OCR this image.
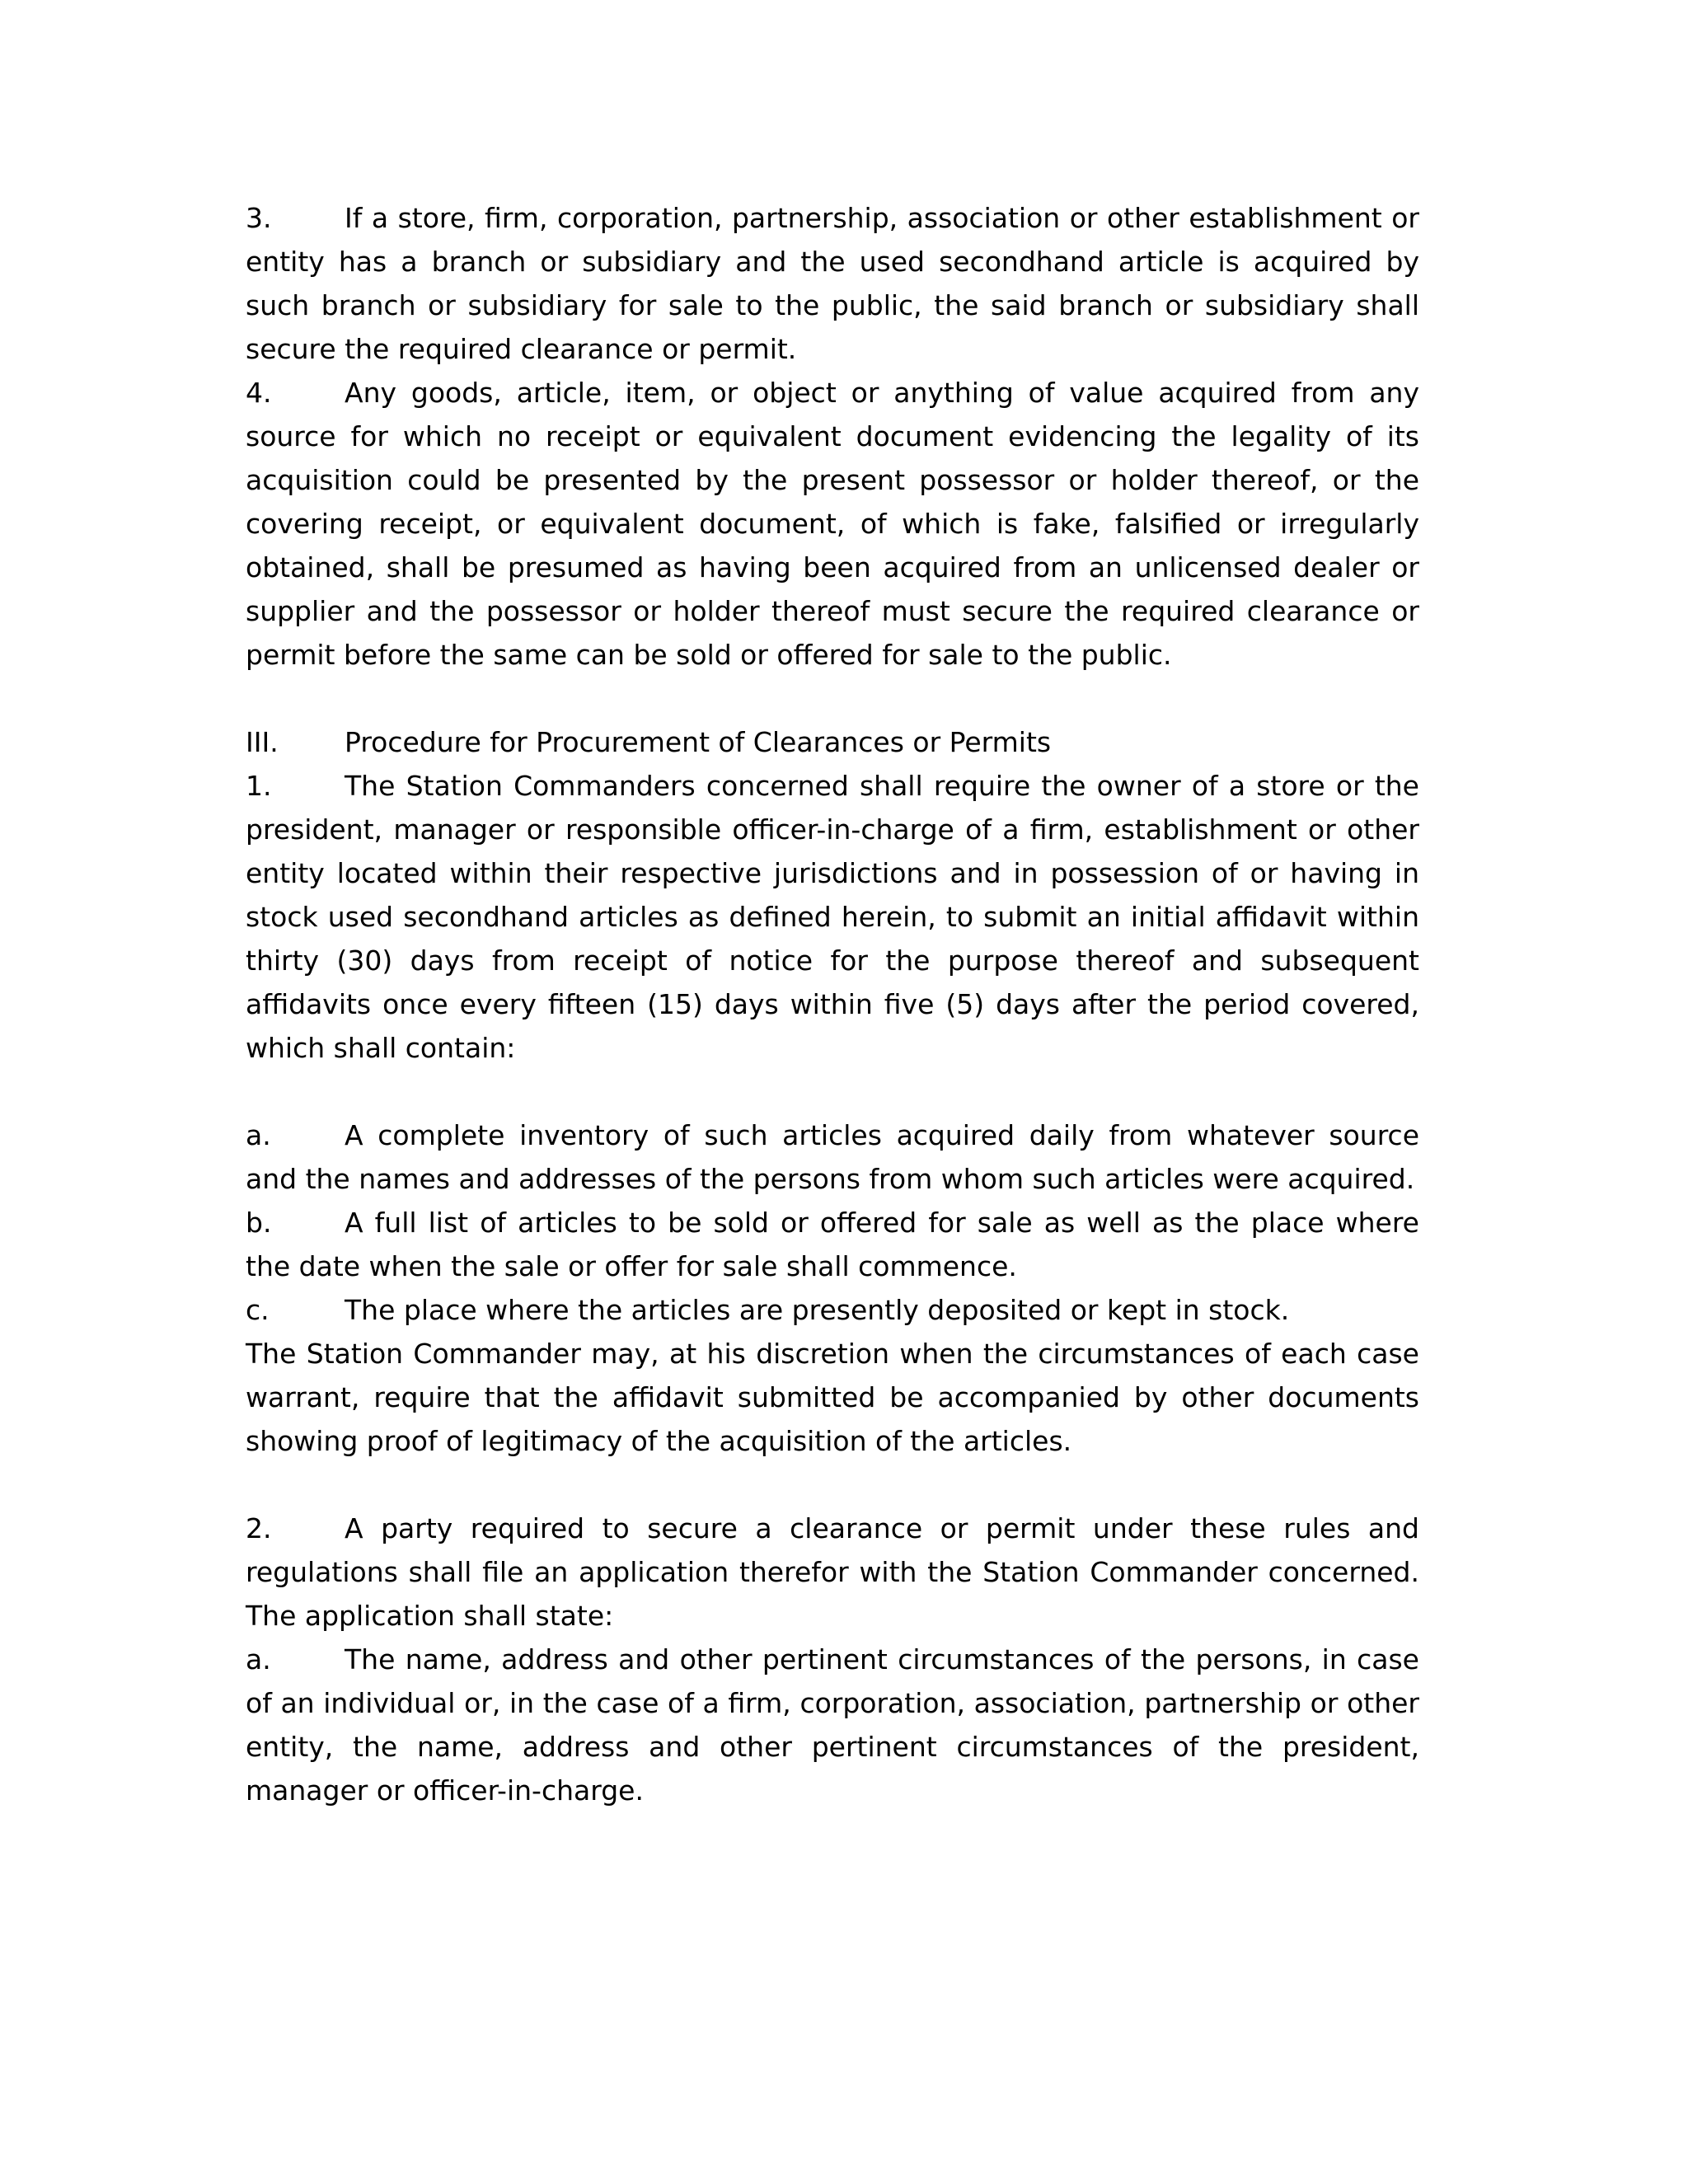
3.	If a store, firm, corporation, partnership, association or other establishment or entity has a branch or subsidiary and the used secondhand article is acquired by such branch or subsidiary for sale to the public, the said branch or subsidiary shall secure the required clearance or permit.

4.	Any goods, article, item, or object or anything of value acquired from any source for which no receipt or equivalent document evidencing the legality of its acquisition could be presented by the present possessor or holder thereof, or the covering receipt, or equivalent document, of which is fake, falsified or irregularly obtained, shall be presumed as having been acquired from an unlicensed dealer or supplier and the possessor or holder thereof must secure the required clearance or permit before the same can be sold or offered for sale to the public.

III. Procedure for Procurement of Clearances or Permits

1.	The Station Commanders concerned shall require the owner of a store or the president, manager or responsible officer-in-charge of a firm, establishment or other entity located within their respective jurisdictions and in possession of or having in stock used secondhand articles as defined herein, to submit an initial affidavit within thirty (30) days from receipt of notice for the purpose thereof and subsequent affidavits once every fifteen (15) days within five (5) days after the period covered, which shall contain:

a.	A complete inventory of such articles acquired daily from whatever source and the names and addresses of the persons from whom such articles were acquired.

b.	A full list of articles to be sold or offered for sale as well as the place where the date when the sale or offer for sale shall commence.

c.	The place where the articles are presently deposited or kept in stock.

The Station Commander may, at his discretion when the circumstances of each case warrant, require that the affidavit submitted be accompanied by other documents showing proof of legitimacy of the acquisition of the articles.

2.	A party required to secure a clearance or permit under these rules and regulations shall file an application therefor with the Station Commander concerned. The application shall state:

a.	The name, address and other pertinent circumstances of the persons, in case of an individual or, in the case of a firm, corporation, association, partnership or other entity, the name, address and other pertinent circumstances of the president, manager or officer-in-charge.
